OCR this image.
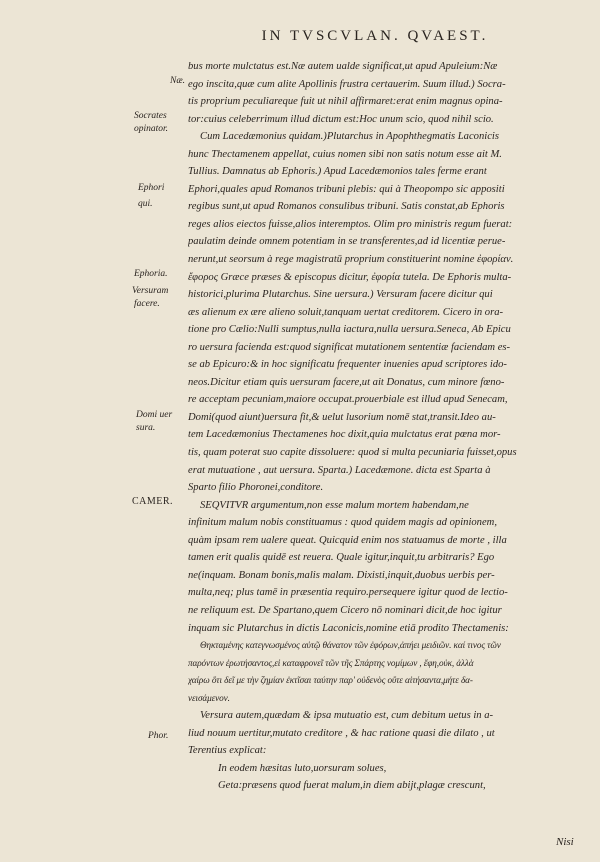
IN TVSCVLAN. QVAEST.
Næ.
Socrates
opinator.
Ephori
qui.
Ephoria.
Versuram
facere.
Domi uer
sura.
CAMER.
Phor.
bus morte mulctatus est.Næ autem ualde significat,ut apud Apuleium:Næ
ego inscita,quæ cum alite Apollinis frustra certauerim. Suum illud.) Socra-
tis proprium peculiareque fuit ut nihil affirmaret:erat enim magnus opina-
tor:cuius celeberrimum illud dictum est:Hoc unum scio, quod nihil scio.
Cum Lacedæmonius quidam.)Plutarchus in Apophthegmatis Laconicis
hunc Thectamenem appellat, cuius nomen sibi non satis notum esse ait M.
Tullius. Damnatus ab Ephoris.) Apud Lacedæmonios tales ferme erant
Ephori,quales apud Romanos tribuni plebis: qui à Theopompo sic appositi
regibus sunt,ut apud Romanos consulibus tribuni. Satis constat,ab Ephoris
reges alios eiectos fuisse,alios interemptos. Olim pro ministris regum fuerat:
paulatim deinde omnem potentiam in se transferentes,ad id licentiæ perue-
nerunt,ut seorsum à rege magistratū proprium constituerint nomine ἐφορίαν.
ἔφορος Græce præses & episcopus dicitur, ἐφορία tutela. De Ephoris multa-
historici,plurima Plutarchus. Sine uersura.) Versuram facere dicitur qui
æs alienum ex ære alieno soluit,tanquam uertat creditorem. Cicero in ora-
tione pro Cælio:Nulli sumptus,nulla iactura,nulla uersura.Seneca, Ab Epicu
ro uersura facienda est:quod significat mutationem sententiæ faciendam es-
se ab Epicuro:& in hoc significatu frequenter inuenies apud scriptores ido-
neos.Dicitur etiam quis uersuram facere,ut ait Donatus, cum minore fœno-
re acceptam pecuniam,maiore occupat.prouerbiale est illud apud Senecam,
Domi(quod aiunt)uersura fit,& uelut lusorium nomē stat,transit.Ideo au-
tem Lacedæmonius Thectamenes hoc dixit,quia mulctatus erat pœna mor-
tis, quam poterat suo capite dissoluere: quod si multa pecuniaria fuisset,opus
erat mutuatione , aut uersura. Sparta.) Lacedæmone. dicta est Sparta à
Sparto filio Phoronei,conditore.
SEQVITVR argumentum,non esse malum mortem habendam,ne
infinitum malum nobis constituamus : quod quidem magis ad opinionem,
quàm ipsam rem ualere queat. Quicquid enim nos statuamus de morte , illa
tamen erit qualis quidē est reuera. Quale igitur,inquit,tu arbitraris? Ego
ne(inquam. Bonam bonis,malis malam. Dixisti,inquit,duobus uerbis per-
multa,neq; plus tamē in præsentia requiro.persequere igitur quod de lectio-
ne reliquum est. De Spartano,quem Cicero nō nominari dicit,de hoc igitur
inquam sic Plutarchus in dictis Laconicis,nomine etiā prodito Thectamenis:
Θηκταμένης κατεγνωσμένος αὐτῷ θάνατον τῶν ἐφόρων,ἀπήει μειδιῶν. καί τινος τῶν
παρόντων ἐρωτήσαντος,εἰ καταφρονεῖ τῶν τῆς Σπάρτης νομίμων , ἔφη,οὐκ, ἀλλὰ
χαίρω ὅτι δεῖ με τὴν ζημίαν ἐκτῖσαι ταύτην παρ' οὐδενὸς οὔτε αἰτήσαντα,μήτε δα-
νεισάμενον.
Versura autem,quædam & ipsa mutuatio est, cum debitum uetus in a-
liud nouum uertitur,mutato creditore , & hac ratione quasi die dilato , ut
Terentius explicat:
In eodem hæsitas luto,uorsuram solues,
Geta:præsens quod fuerat malum,in diem abijt,plagæ crescunt,
Nisi
